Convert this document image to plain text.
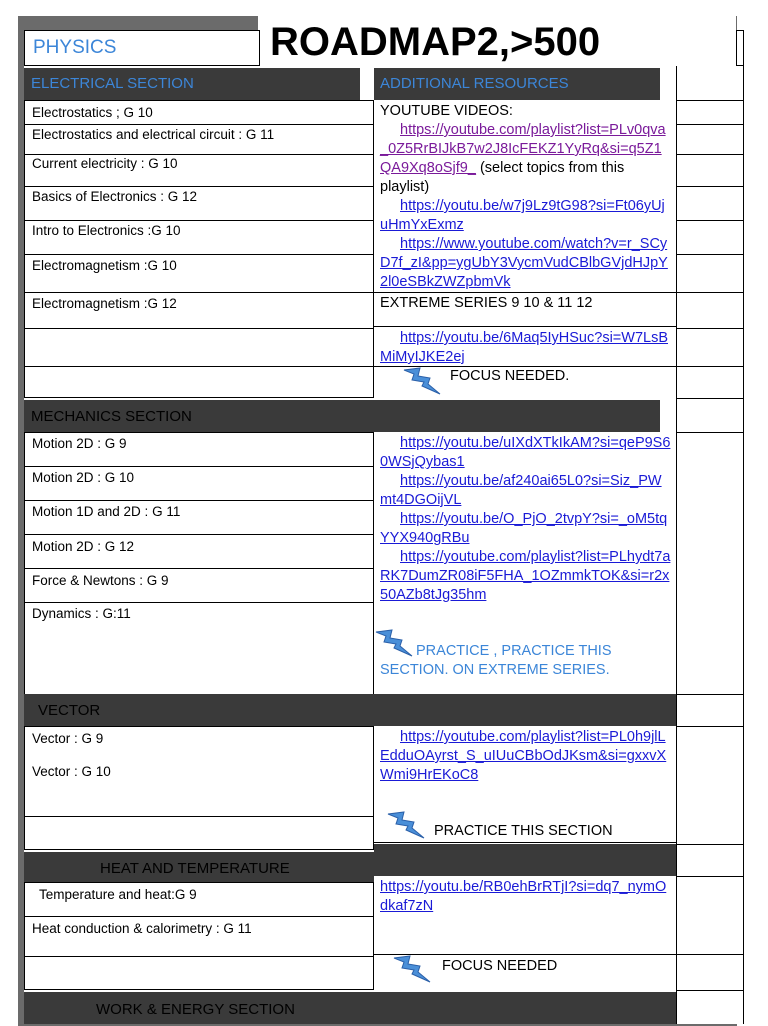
ROADMAP2,>500
PHYSICS
ELECTRICAL SECTION	ADDITIONAL RESOURCES
Electrostatics ; G 10
Electrostatics and electrical circuit : G 11
Current electricity : G 10
Basics of Electronics : G 12
Intro to Electronics :G 10
Electromagnetism :G 10
Electromagnetism :G 12
YOUTUBE VIDEOS:
https://youtube.com/playlist?list=PLv0qva_0Z5RrBIJkB7w2J8IcFEKZ1YyRq&si=q5Z1QA9Xq8oSjf9_ (select topics from this playlist)
https://youtu.be/w7j9Lz9tG98?si=Ft06yUjuHmYxExmz
https://www.youtube.com/watch?v=r_SCyD7f_zI&pp=ygUbY3VycmVudCBlbGVjdHJpY2l0eSBkZWZpbmVk
EXTREME SERIES 9 10 & 11 12
https://youtu.be/6Maq5IyHSuc?si=W7LsBMiMyIJKE2ej
FOCUS NEEDED.
MECHANICS SECTION
Motion 2D : G 9
Motion 2D : G 10
Motion 1D and 2D : G 11
Motion 2D : G 12
Force & Newtons : G 9
Dynamics : G:11
https://youtu.be/uIXdXTkIkAM?si=qeP9S60WSjQybas1
https://youtu.be/af240ai65L0?si=Siz_PWmt4DGOijVL
https://youtu.be/O_PjO_2tvpY?si=_oM5tqYYX940gRBu
https://youtube.com/playlist?list=PLhydt7aRK7DumZR08iF5FHA_1OZmmkTOK&si=r2x50AZb8tJg35hm
PRACTICE , PRACTICE THIS SECTION. ON EXTREME SERIES.
VECTOR
Vector : G 9
Vector : G 10
https://youtube.com/playlist?list=PL0h9jlLEdduOAyrst_S_uIUuCBbOdJKsm&si=gxxvXWmi9HrEKoC8
PRACTICE THIS SECTION
HEAT AND TEMPERATURE
Temperature and heat:G 9
Heat conduction & calorimetry : G 11
https://youtu.be/RB0ehBrRTjI?si=dq7_nymOdkaf7zN
FOCUS NEEDED
WORK & ENERGY SECTION
